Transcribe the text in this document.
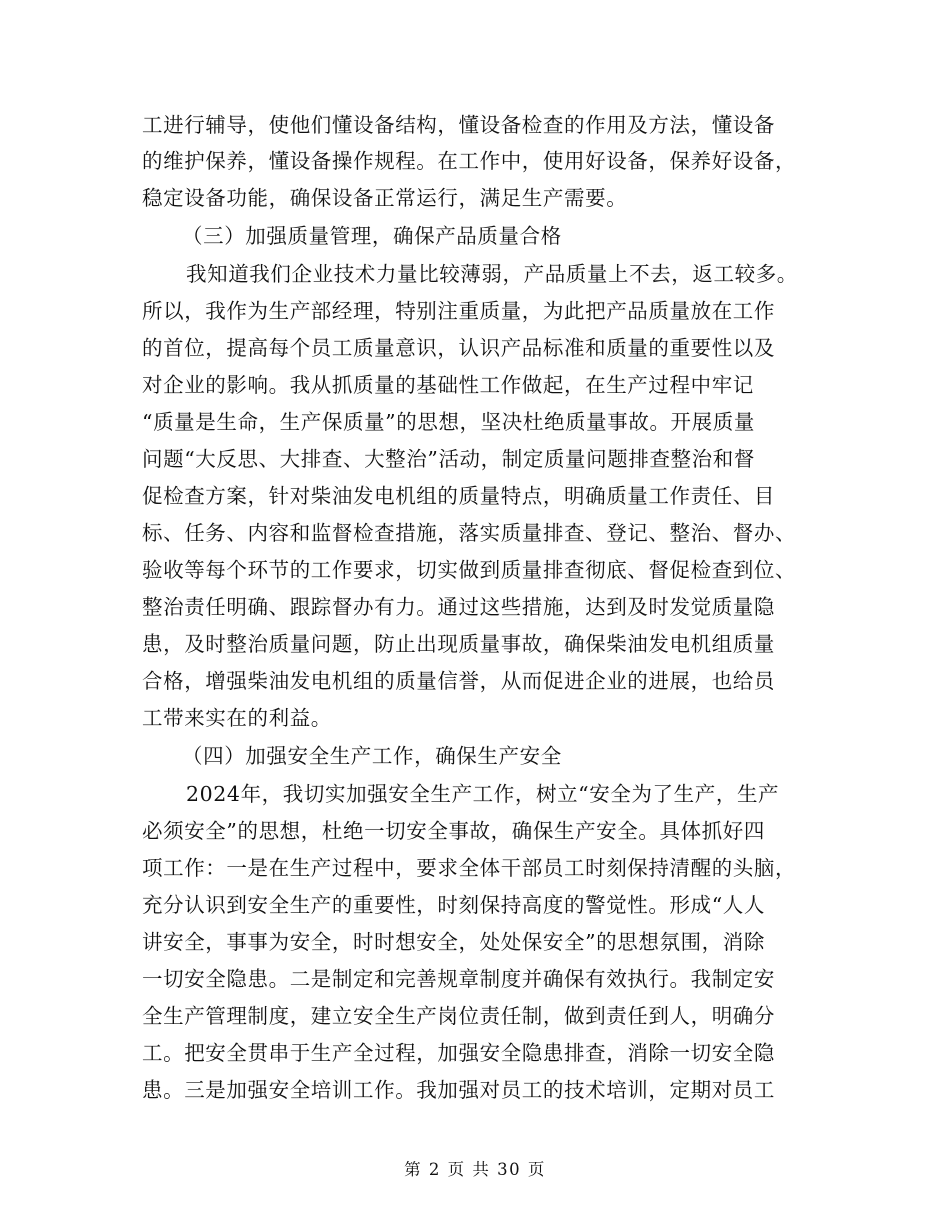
工进行辅导，使他们懂设备结构，懂设备检查的作用及方法，懂设备
的维护保养，懂设备操作规程。在工作中，使用好设备，保养好设备，
稳定设备功能，确保设备正常运行，满足生产需要。
（三）加强质量管理，确保产品质量合格
我知道我们企业技术力量比较薄弱，产品质量上不去，返工较多。
所以，我作为生产部经理，特别注重质量，为此把产品质量放在工作
的首位，提高每个员工质量意识，认识产品标准和质量的重要性以及
对企业的影响。我从抓质量的基础性工作做起，在生产过程中牢记
“质量是生命，生产保质量”的思想，坚决杜绝质量事故。开展质量
问题“大反思、大排查、大整治”活动，制定质量问题排查整治和督
促检查方案，针对柴油发电机组的质量特点，明确质量工作责任、目
标、任务、内容和监督检查措施，落实质量排查、登记、整治、督办、
验收等每个环节的工作要求，切实做到质量排查彻底、督促检查到位、
整治责任明确、跟踪督办有力。通过这些措施，达到及时发觉质量隐
患，及时整治质量问题，防止出现质量事故，确保柴油发电机组质量
合格，增强柴油发电机组的质量信誉，从而促进企业的进展，也给员
工带来实在的利益。
（四）加强安全生产工作，确保生产安全
2024年，我切实加强安全生产工作，树立“安全为了生产，生产
必须安全”的思想，杜绝一切安全事故，确保生产安全。具体抓好四
项工作：一是在生产过程中，要求全体干部员工时刻保持清醒的头脑，
充分认识到安全生产的重要性，时刻保持高度的警觉性。形成“人人
讲安全，事事为安全，时时想安全，处处保安全”的思想氛围，消除
一切安全隐患。二是制定和完善规章制度并确保有效执行。我制定安
全生产管理制度，建立安全生产岗位责任制，做到责任到人，明确分
工。把安全贯串于生产全过程，加强安全隐患排查，消除一切安全隐
患。三是加强安全培训工作。我加强对员工的技术培训，定期对员工
第 2 页 共 30 页
